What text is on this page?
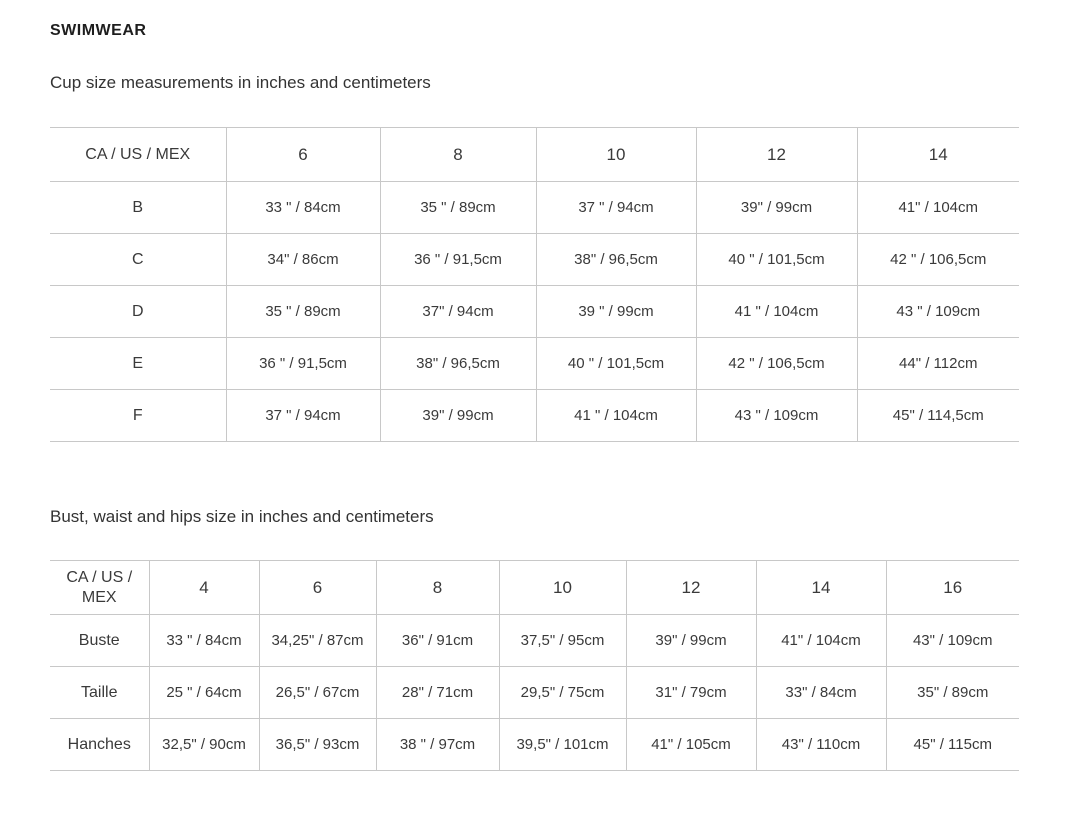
SWIMWEAR
Cup size measurements in inches and centimeters
CA / US / MEX	6	8	10	12	14
B	33 " / 84cm	35 " / 89cm	37 " / 94cm	39" / 99cm	41" / 104cm
C	34" / 86cm	36 " / 91,5cm	38" / 96,5cm	40 " / 101,5cm	42 " / 106,5cm
D	35 " / 89cm	37" / 94cm	39 " / 99cm	41 " / 104cm	43 " / 109cm
E	36 " / 91,5cm	38" / 96,5cm	40 " / 101,5cm	42 " / 106,5cm	44" / 112cm
F	37 " / 94cm	39" / 99cm	41 " / 104cm	43 " / 109cm	45" / 114,5cm
Bust, waist and hips size in inches and centimeters
CA / US / MEX	4	6	8	10	12	14	16
Buste	33 " / 84cm	34,25" / 87cm	36" / 91cm	37,5" / 95cm	39" / 99cm	41" / 104cm	43" / 109cm
Taille	25 " / 64cm	26,5" / 67cm	28" / 71cm	29,5" / 75cm	31" / 79cm	33" / 84cm	35" / 89cm
Hanches	32,5" / 90cm	36,5" / 93cm	38 " / 97cm	39,5" / 101cm	41" / 105cm	43" / 110cm	45" / 115cm
